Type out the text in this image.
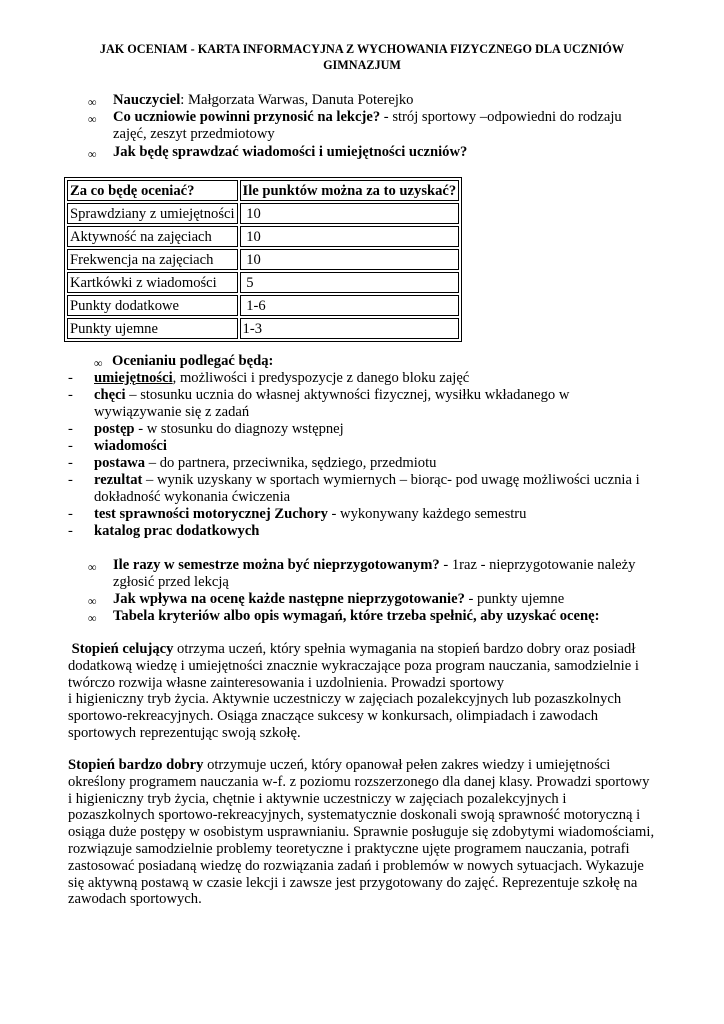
JAK OCENIAM - KARTA INFORMACYJNA Z WYCHOWANIA FIZYCZNEGO DLA UCZNIÓW
GIMNAZJUM
∞ Nauczyciel: Małgorzata Warwas, Danuta Poterejko
∞ Co uczniowie powinni przynosić na lekcje? - strój sportowy –odpowiedni do rodzaju
zajęć, zeszyt przedmiotowy
∞ Jak będę sprawdzać wiadomości i umiejętności uczniów?
Za co będę oceniać?	Ile punktów można za to uzyskać?
Sprawdziany z umiejętności	10
Aktywność na zajęciach	10
Frekwencja na zajęciach	10
Kartkówki z wiadomości	5
Punkty dodatkowe	1-6
Punkty ujemne	1-3
∞ Ocenianiu podlegać będą:
- umiejętności, możliwości i predyspozycje z danego bloku zajęć
- chęci – stosunku ucznia do własnej aktywności fizycznej, wysiłku wkładanego w
wywiązywanie się z zadań
- postęp - w stosunku do diagnozy wstępnej
- wiadomości
- postawa – do partnera, przeciwnika, sędziego, przedmiotu
- rezultat – wynik uzyskany w sportach wymiernych – biorąc- pod uwagę możliwości ucznia i
dokładność wykonania ćwiczenia
- test sprawności motorycznej Zuchory - wykonywany każdego semestru
- katalog prac dodatkowych
∞ Ile razy w semestrze można być nieprzygotowanym? - 1raz - nieprzygotowanie należy
zgłosić przed lekcją
∞ Jak wpływa na ocenę każde następne nieprzygotowanie? - punkty ujemne
∞ Tabela kryteriów albo opis wymagań, które trzeba spełnić, aby uzyskać ocenę:
Stopień celujący otrzyma uczeń, który spełnia wymagania na stopień bardzo dobry oraz posiadł
dodatkową wiedzę i umiejętności znacznie wykraczające poza program nauczania, samodzielnie i
twórczo rozwija własne zainteresowania i uzdolnienia. Prowadzi sportowy
i higieniczny tryb życia. Aktywnie uczestniczy w zajęciach pozalekcyjnych lub pozaszkolnych
sportowo-rekreacyjnych. Osiąga znaczące sukcesy w konkursach, olimpiadach i zawodach
sportowych reprezentując swoją szkołę.
Stopień bardzo dobry otrzymuje uczeń, który opanował pełen zakres wiedzy i umiejętności
określony programem nauczania w-f. z poziomu rozszerzonego dla danej klasy. Prowadzi sportowy
i higieniczny tryb życia, chętnie i aktywnie uczestniczy w zajęciach pozalekcyjnych i
pozaszkolnych sportowo-rekreacyjnych, systematycznie doskonali swoją sprawność motoryczną i
osiąga duże postępy w osobistym usprawnianiu. Sprawnie posługuje się zdobytymi wiadomościami,
rozwiązuje samodzielnie problemy teoretyczne i praktyczne ujęte programem nauczania, potrafi
zastosować posiadaną wiedzę do rozwiązania zadań i problemów w nowych sytuacjach. Wykazuje
się aktywną postawą w czasie lekcji i zawsze jest przygotowany do zajęć. Reprezentuje szkołę na
zawodach sportowych.
